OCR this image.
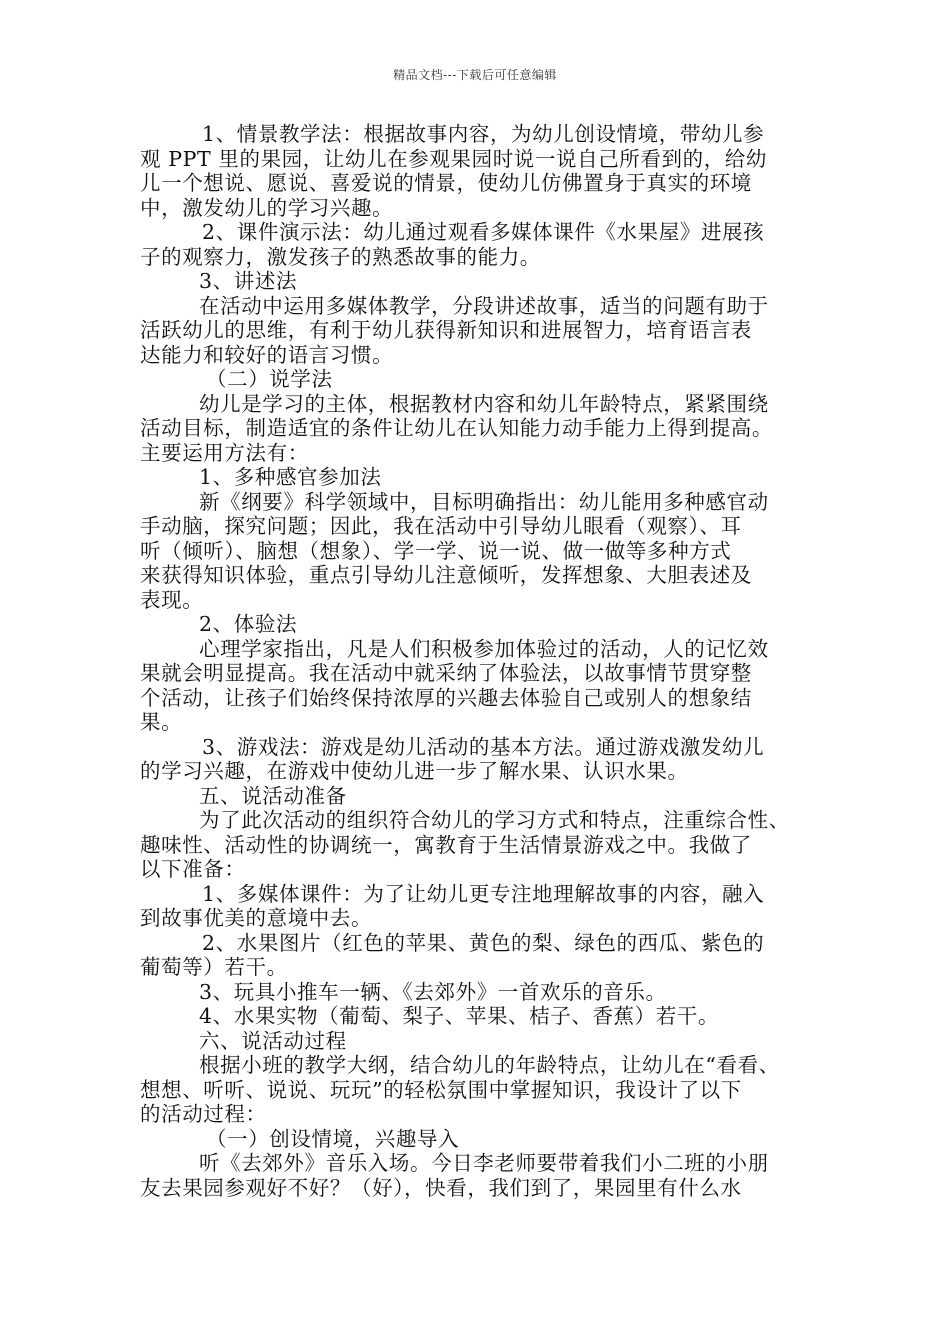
精品文档---下载后可任意编辑

1、情景教学法：根据故事内容，为幼儿创设情境，带幼儿参

观 PPT 里的果园，让幼儿在参观果园时说一说自己所看到的，给幼

儿一个想说、愿说、喜爱说的情景，使幼儿仿佛置身于真实的环境

中，激发幼儿的学习兴趣。

2、课件演示法：幼儿通过观看多媒体课件《水果屋》进展孩

子的观察力，激发孩子的熟悉故事的能力。

3、讲述法

在活动中运用多媒体教学，分段讲述故事，适当的问题有助于

活跃幼儿的思维，有利于幼儿获得新知识和进展智力，培育语言表

达能力和较好的语言习惯。

（二）说学法

幼儿是学习的主体，根据教材内容和幼儿年龄特点，紧紧围绕

活动目标，制造适宜的条件让幼儿在认知能力动手能力上得到提高。

主要运用方法有：

1、多种感官参加法

新《纲要》科学领域中，目标明确指出：幼儿能用多种感官动

手动脑，探究问题；因此，我在活动中引导幼儿眼看（观察）、耳

听（倾听）、脑想（想象）、学一学、说一说、做一做等多种方式

来获得知识体验，重点引导幼儿注意倾听，发挥想象、大胆表述及

表现。

2、体验法

心理学家指出，凡是人们积极参加体验过的活动，人的记忆效

果就会明显提高。我在活动中就采纳了体验法，以故事情节贯穿整

个活动，让孩子们始终保持浓厚的兴趣去体验自己或别人的想象结

果。

3、游戏法：游戏是幼儿活动的基本方法。通过游戏激发幼儿

的学习兴趣，在游戏中使幼儿进一步了解水果、认识水果。

五、说活动准备

为了此次活动的组织符合幼儿的学习方式和特点，注重综合性、

趣味性、活动性的协调统一，寓教育于生活情景游戏之中。我做了

以下准备：

1、多媒体课件：为了让幼儿更专注地理解故事的内容，融入

到故事优美的意境中去。

2、水果图片（红色的苹果、黄色的梨、绿色的西瓜、紫色的

葡萄等）若干。

3、玩具小推车一辆、《去郊外》一首欢乐的音乐。

4、水果实物（葡萄、梨子、苹果、桔子、香蕉）若干。

六、说活动过程

根据小班的教学大纲，结合幼儿的年龄特点，让幼儿在“看看、

想想、听听、说说、玩玩”的轻松氛围中掌握知识，我设计了以下

的活动过程：

（一）创设情境，兴趣导入

听《去郊外》音乐入场。今日李老师要带着我们小二班的小朋

友去果园参观好不好？（好），快看，我们到了，果园里有什么水
